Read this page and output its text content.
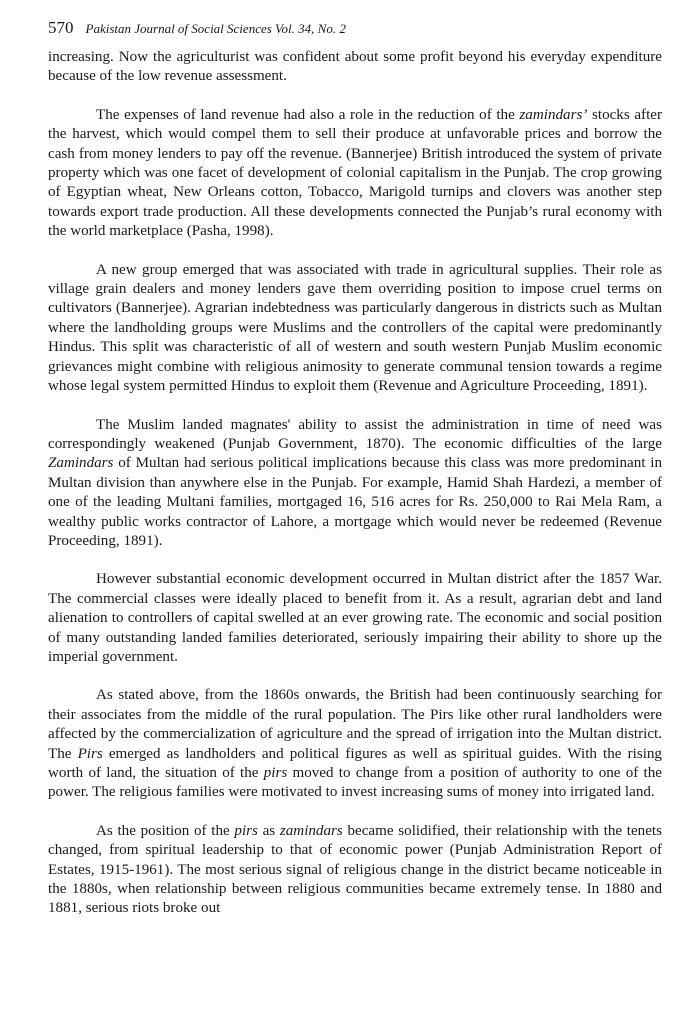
570 Pakistan Journal of Social Sciences Vol. 34, No. 2

increasing. Now the agriculturist was confident about some profit beyond his everyday expenditure because of the low revenue assessment.

The expenses of land revenue had also a role in the reduction of the zamindars’ stocks after the harvest, which would compel them to sell their produce at unfavorable prices and borrow the cash from money lenders to pay off the revenue. (Bannerjee) British introduced the system of private property which was one facet of development of colonial capitalism in the Punjab. The crop growing of Egyptian wheat, New Orleans cotton, Tobacco, Marigold turnips and clovers was another step towards export trade production. All these developments connected the Punjab’s rural economy with the world marketplace (Pasha, 1998).

A new group emerged that was associated with trade in agricultural supplies. Their role as village grain dealers and money lenders gave them overriding position to impose cruel terms on cultivators (Bannerjee). Agrarian indebtedness was particularly dangerous in districts such as Multan where the landholding groups were Muslims and the controllers of the capital were predominantly Hindus. This split was characteristic of all of western and south western Punjab Muslim economic grievances might combine with religious animosity to generate communal tension towards a regime whose legal system permitted Hindus to exploit them (Revenue and Agriculture Proceeding, 1891).

The Muslim landed magnates' ability to assist the administration in time of need was correspondingly weakened (Punjab Government, 1870). The economic difficulties of the large Zamindars of Multan had serious political implications because this class was more predominant in Multan division than anywhere else in the Punjab. For example, Hamid Shah Hardezi, a member of one of the leading Multani families, mortgaged 16, 516 acres for Rs. 250,000 to Rai Mela Ram, a wealthy public works contractor of Lahore, a mortgage which would never be redeemed (Revenue Proceeding, 1891).

However substantial economic development occurred in Multan district after the 1857 War. The commercial classes were ideally placed to benefit from it. As a result, agrarian debt and land alienation to controllers of capital swelled at an ever growing rate. The economic and social position of many outstanding landed families deteriorated, seriously impairing their ability to shore up the imperial government.

As stated above, from the 1860s onwards, the British had been continuously searching for their associates from the middle of the rural population. The Pirs like other rural landholders were affected by the commercialization of agriculture and the spread of irrigation into the Multan district. The Pirs emerged as landholders and political figures as well as spiritual guides. With the rising worth of land, the situation of the pirs moved to change from a position of authority to one of the power. The religious families were motivated to invest increasing sums of money into irrigated land.

As the position of the pirs as zamindars became solidified, their relationship with the tenets changed, from spiritual leadership to that of economic power (Punjab Administration Report of Estates, 1915-1961). The most serious signal of religious change in the district became noticeable in the 1880s, when relationship between religious communities became extremely tense. In 1880 and 1881, serious riots broke out
